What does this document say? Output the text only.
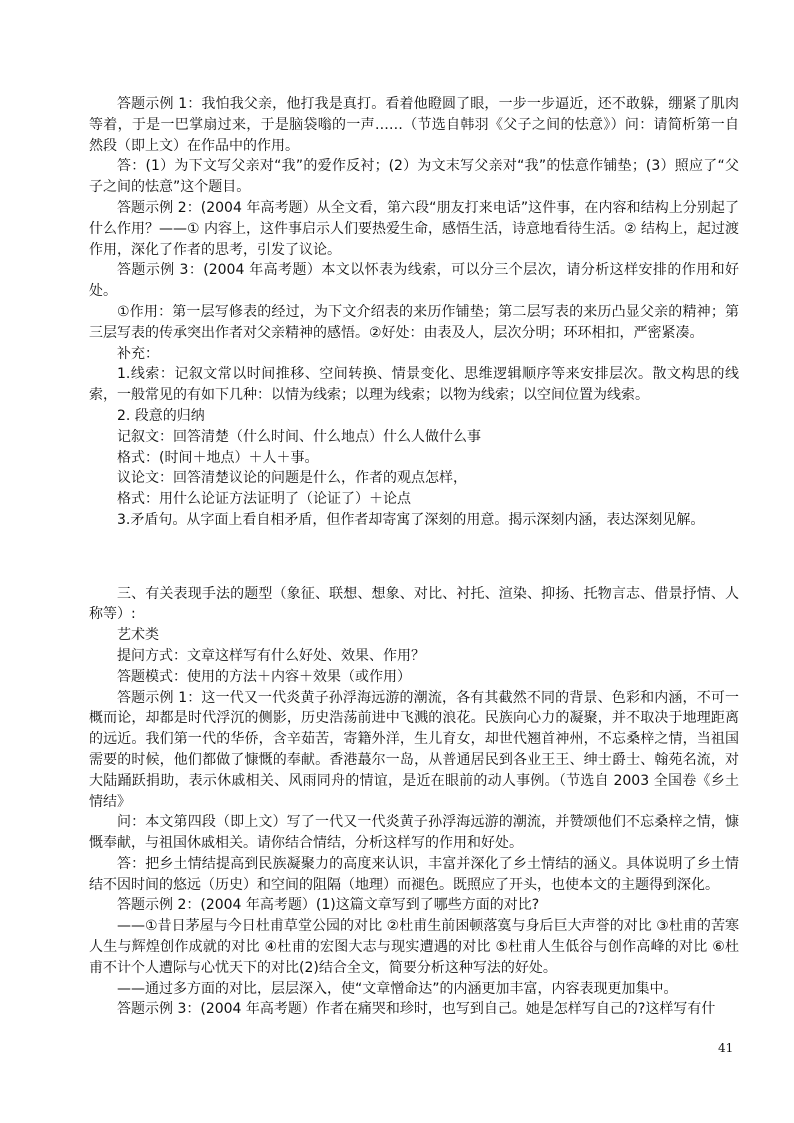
答题示例 1：我怕我父亲，他打我是真打。看着他瞪圆了眼，一步一步逼近，还不敢躲，绷紧了肌肉等着，于是一巴掌扇过来，于是脑袋嗡的一声……（节选自韩羽《父子之间的怯意》）问：请简析第一自然段（即上文）在作品中的作用。

答：(1）为下文写父亲对“我”的爱作反衬；(2）为文末写父亲对“我”的怯意作铺垫；(3）照应了“父子之间的怯意”这个题目。

答题示例 2：(2004 年高考题）从全文看，第六段“朋友打来电话”这件事，在内容和结构上分别起了什么作用？——① 内容上，这件事启示人们要热爱生命，感悟生活，诗意地看待生活。② 结构上，起过渡作用，深化了作者的思考，引发了议论。

答题示例 3：(2004 年高考题）本文以怀表为线索，可以分三个层次，请分析这样安排的作用和好处。

①作用：第一层写修表的经过，为下文介绍表的来历作铺垫；第二层写表的来历凸显父亲的精神；第三层写表的传承突出作者对父亲精神的感悟。②好处：由表及人，层次分明；环环相扣，严密紧凑。

补充：

1.线索：记叙文常以时间推移、空间转换、情景变化、思维逻辑顺序等来安排层次。散文构思的线索，一般常见的有如下几种：以情为线索；以理为线索；以物为线索；以空间位置为线索。

2. 段意的归纳

记叙文：回答清楚（什么时间、什么地点）什么人做什么事

格式：(时间＋地点）＋人＋事。

议论文：回答清楚议论的问题是什么，作者的观点怎样，

格式：用什么论证方法证明了（论证了）＋论点

3.矛盾句。从字面上看自相矛盾，但作者却寄寓了深刻的用意。揭示深刻内涵，表达深刻见解。

三、有关表现手法的题型（象征、联想、想象、对比、衬托、渲染、抑扬、托物言志、借景抒情、人称等）:

艺术类

提问方式：文章这样写有什么好处、效果、作用？

答题模式：使用的方法＋内容＋效果（或作用）

答题示例 1：这一代又一代炎黄子孙浮海远游的潮流，各有其截然不同的背景、色彩和内涵，不可一概而论，却都是时代浮沉的侧影，历史浩荡前进中飞溅的浪花。民族向心力的凝聚，并不取决于地理距离的远近。我们第一代的华侨，含辛茹苦，寄籍外洋，生儿育女，却世代翘首神州，不忘桑梓之情，当祖国需要的时候，他们都做了慷慨的奉献。香港蕞尔一岛，从普通居民到各业王王、绅士爵士、翰苑名流，对大陆踊跃捐助，表示休戚相关、风雨同舟的情谊，是近在眼前的动人事例。（节选自 2003 全国卷《乡土情结》

问：本文第四段（即上文）写了一代又一代炎黄子孙浮海远游的潮流，并赞颂他们不忘桑梓之情，慷慨奉献，与祖国休戚相关。请你结合情结，分析这样写的作用和好处。

答：把乡土情结提高到民族凝聚力的高度来认识，丰富并深化了乡土情结的涵义。具体说明了乡土情结不因时间的悠远（历史）和空间的阻隔（地理）而褪色。既照应了开头，也使本文的主题得到深化。

答题示例 2：(2004 年高考题）(1)这篇文章写到了哪些方面的对比?

——①昔日茅屋与今日杜甫草堂公园的对比 ②杜甫生前困顿落寞与身后巨大声誉的对比 ③杜甫的苦寒人生与辉煌创作成就的对比 ④杜甫的宏图大志与现实遭遇的对比 ⑤杜甫人生低谷与创作高峰的对比 ⑥杜甫不计个人遭际与心忧天下的对比(2)结合全文，简要分析这种写法的好处。

——通过多方面的对比，层层深入，使“文章憎命达”的内涵更加丰富，内容表现更加集中。

答题示例 3：(2004 年高考题）作者在痛哭和珍时，也写到自己。她是怎样写自己的?这样写有什

41
